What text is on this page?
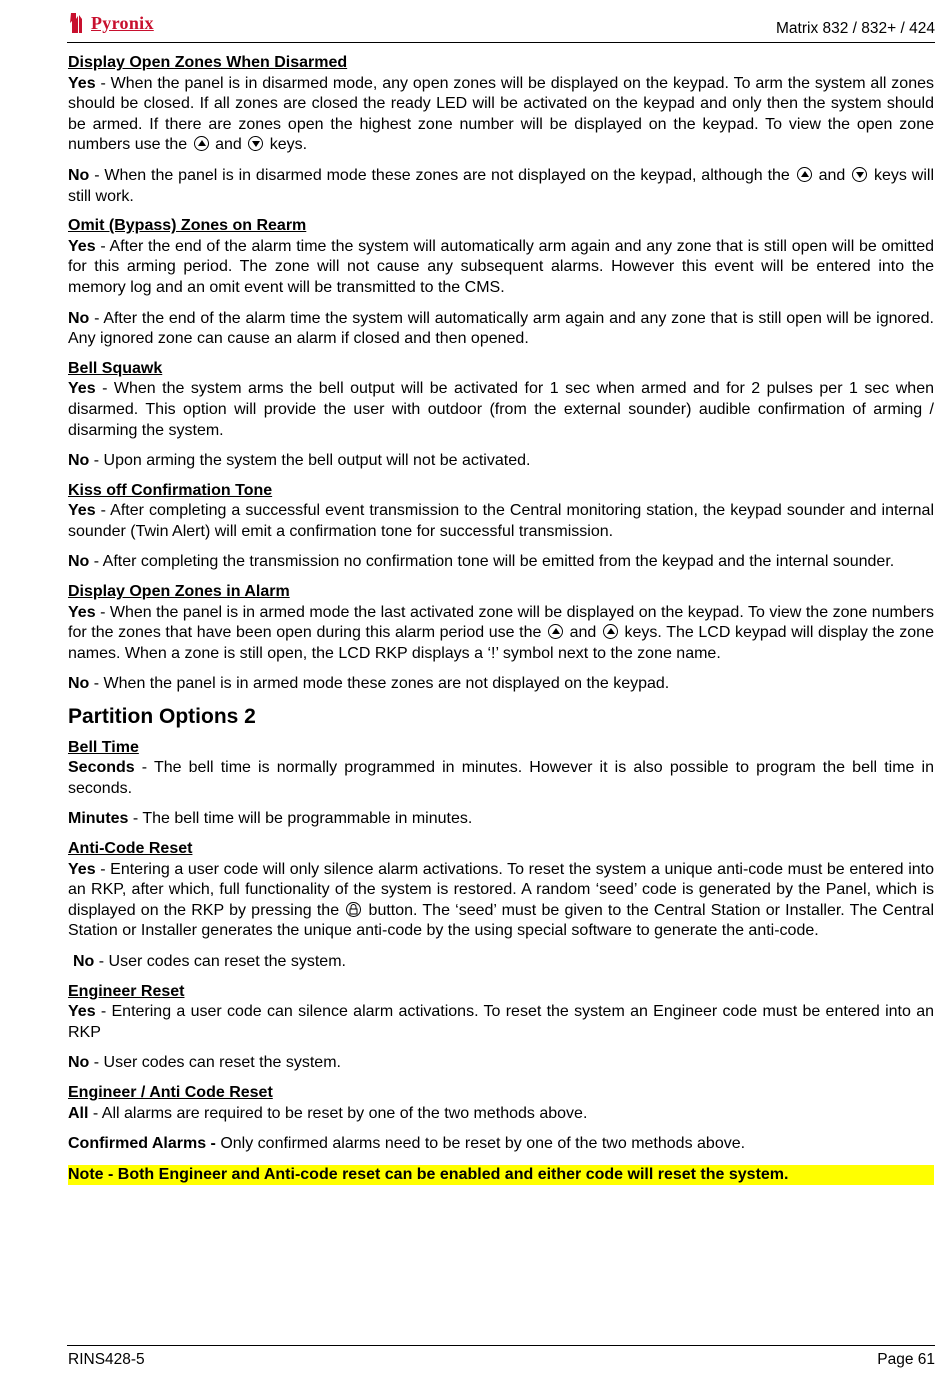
Pyronix	Matrix 832 / 832+ / 424

Display Open Zones When Disarmed

Yes - When the panel is in disarmed mode, any open zones will be displayed on the keypad. To arm the system all zones should be closed. If all zones are closed the ready LED will be activated on the keypad and only then the system should be armed. If there are zones open the highest zone number will be displayed on the keypad. To view the open zone numbers use the and keys.

No - When the panel is in disarmed mode these zones are not displayed on the keypad, although the and keys will still work.

Omit (Bypass) Zones on Rearm

Yes - After the end of the alarm time the system will automatically arm again and any zone that is still open will be omitted for this arming period. The zone will not cause any subsequent alarms. However this event will be entered into the memory log and an omit event will be transmitted to the CMS.

No - After the end of the alarm time the system will automatically arm again and any zone that is still open will be ignored. Any ignored zone can cause an alarm if closed and then opened.

Bell Squawk

Yes - When the system arms the bell output will be activated for 1 sec when armed and for 2 pulses per 1 sec when disarmed. This option will provide the user with outdoor (from the external sounder) audible confirmation of arming / disarming the system.

No - Upon arming the system the bell output will not be activated.

Kiss off Confirmation Tone

Yes - After completing a successful event transmission to the Central monitoring station, the keypad sounder and internal sounder (Twin Alert) will emit a confirmation tone for successful transmission.

No - After completing the transmission no confirmation tone will be emitted from the keypad and the internal sounder.

Display Open Zones in Alarm

Yes - When the panel is in armed mode the last activated zone will be displayed on the keypad. To view the zone numbers for the zones that have been open during this alarm period use the and keys. The LCD keypad will display the zone names. When a zone is still open, the LCD RKP displays a ‘!’ symbol next to the zone name.

No - When the panel is in armed mode these zones are not displayed on the keypad.

Partition Options 2

Bell Time

Seconds - The bell time is normally programmed in minutes. However it is also possible to program the bell time in seconds.

Minutes - The bell time will be programmable in minutes.

Anti-Code Reset

Yes - Entering a user code will only silence alarm activations. To reset the system a unique anti-code must be entered into an RKP, after which, full functionality of the system is restored. A random ‘seed’ code is generated by the Panel, which is displayed on the RKP by pressing the button. The ‘seed’ must be given to the Central Station or Installer. The Central Station or Installer generates the unique anti-code by the using special software to generate the anti-code.

No - User codes can reset the system.

Engineer Reset

Yes - Entering a user code can silence alarm activations. To reset the system an Engineer code must be entered into an RKP

No - User codes can reset the system.

Engineer / Anti Code Reset

All - All alarms are required to be reset by one of the two methods above.

Confirmed Alarms - Only confirmed alarms need to be reset by one of the two methods above.

Note - Both Engineer and Anti-code reset can be enabled and either code will reset the system.

RINS428-5	Page 61
